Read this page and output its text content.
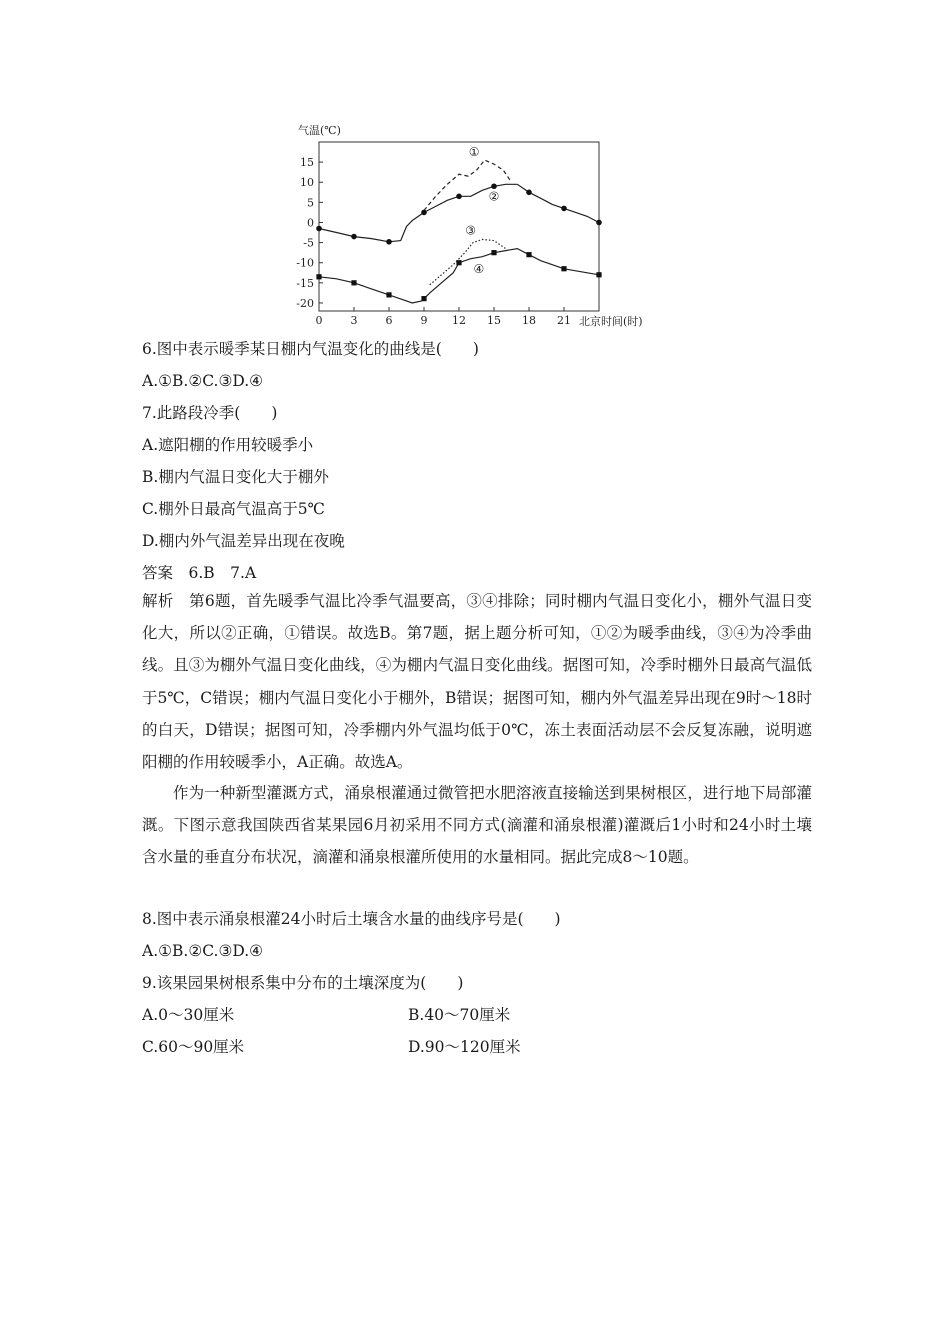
气温(℃)
北京时间(时)
15
10
5
0
-5
-10
-15
-20
0	3	6	9 12 15 18 21
①
②
③
④
6.图中表示暖季某日棚内气温变化的曲线是(　　)
A.①B.②C.③D.④
7.此路段冷季(　　)
A.遮阳棚的作用较暖季小
B.棚内气温日变化大于棚外
C.棚外日最高气温高于5℃
D.棚内外气温差异出现在夜晚
答案　6.B　7.A
解析　第6题，首先暖季气温比冷季气温要高，③④排除；同时棚内气温日变化小，棚外气温日变化大，所以②正确，①错误。故选B。第7题，据上题分析可知，①②为暖季曲线，③④为冷季曲线。且③为棚外气温日变化曲线，④为棚内气温日变化曲线。据图可知，冷季时棚外日最高气温低于5℃，C错误；棚内气温日变化小于棚外，B错误；据图可知，棚内外气温差异出现在9时～18时的白天，D错误；据图可知，冷季棚内外气温均低于0℃，冻土表面活动层不会反复冻融，说明遮阳棚的作用较暖季小，A正确。故选A。
作为一种新型灌溉方式，涌泉根灌通过微管把水肥溶液直接输送到果树根区，进行地下局部灌溉。下图示意我国陕西省某果园6月初采用不同方式(滴灌和涌泉根灌)灌溉后1小时和24小时土壤含水量的垂直分布状况，滴灌和涌泉根灌所使用的水量相同。据此完成8～10题。
8.图中表示涌泉根灌24小时后土壤含水量的曲线序号是(　　)
A.①B.②C.③D.④
9.该果园果树根系集中分布的土壤深度为(　　)
A.0～30厘米	B.40～70厘米
C.60～90厘米	D.90～120厘米
